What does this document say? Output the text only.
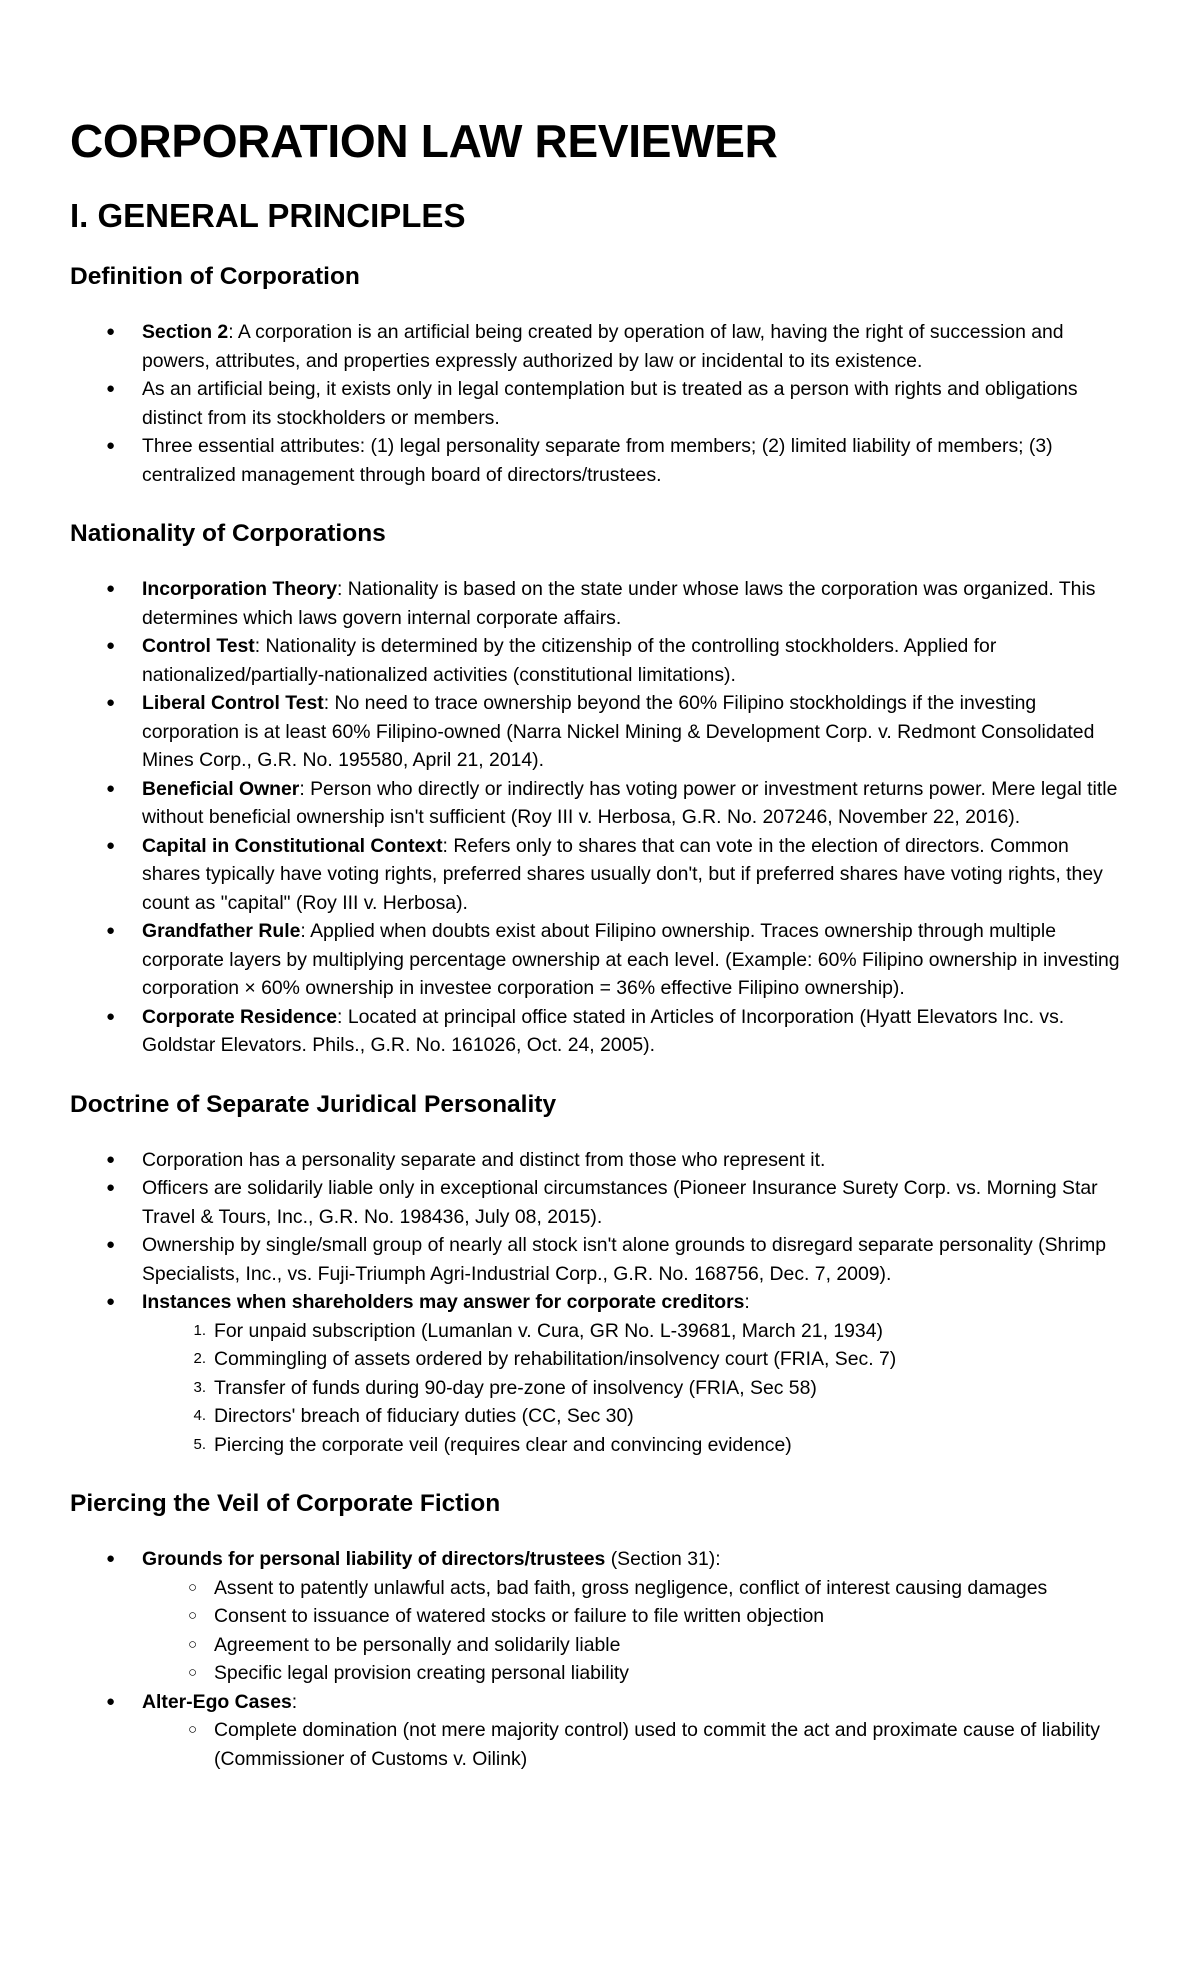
CORPORATION LAW REVIEWER
I. GENERAL PRINCIPLES
Definition of Corporation
● Section 2: A corporation is an artificial being created by operation of law, having the right of succession and powers, attributes, and properties expressly authorized by law or incidental to its existence.
● As an artificial being, it exists only in legal contemplation but is treated as a person with rights and obligations distinct from its stockholders or members.
● Three essential attributes: (1) legal personality separate from members; (2) limited liability of members; (3) centralized management through board of directors/trustees.
Nationality of Corporations
● Incorporation Theory: Nationality is based on the state under whose laws the corporation was organized. This determines which laws govern internal corporate affairs.
● Control Test: Nationality is determined by the citizenship of the controlling stockholders. Applied for nationalized/partially-nationalized activities (constitutional limitations).
● Liberal Control Test: No need to trace ownership beyond the 60% Filipino stockholdings if the investing corporation is at least 60% Filipino-owned (Narra Nickel Mining & Development Corp. v. Redmont Consolidated Mines Corp., G.R. No. 195580, April 21, 2014).
● Beneficial Owner: Person who directly or indirectly has voting power or investment returns power. Mere legal title without beneficial ownership isn't sufficient (Roy III v. Herbosa, G.R. No. 207246, November 22, 2016).
● Capital in Constitutional Context: Refers only to shares that can vote in the election of directors. Common shares typically have voting rights, preferred shares usually don't, but if preferred shares have voting rights, they count as "capital" (Roy III v. Herbosa).
● Grandfather Rule: Applied when doubts exist about Filipino ownership. Traces ownership through multiple corporate layers by multiplying percentage ownership at each level. (Example: 60% Filipino ownership in investing corporation × 60% ownership in investee corporation = 36% effective Filipino ownership).
● Corporate Residence: Located at principal office stated in Articles of Incorporation (Hyatt Elevators Inc. vs. Goldstar Elevators. Phils., G.R. No. 161026, Oct. 24, 2005).
Doctrine of Separate Juridical Personality
● Corporation has a personality separate and distinct from those who represent it.
● Officers are solidarily liable only in exceptional circumstances (Pioneer Insurance Surety Corp. vs. Morning Star Travel & Tours, Inc., G.R. No. 198436, July 08, 2015).
● Ownership by single/small group of nearly all stock isn't alone grounds to disregard separate personality (Shrimp Specialists, Inc., vs. Fuji-Triumph Agri-Industrial Corp., G.R. No. 168756, Dec. 7, 2009).
● Instances when shareholders may answer for corporate creditors:
1. For unpaid subscription (Lumanlan v. Cura, GR No. L-39681, March 21, 1934)
2. Commingling of assets ordered by rehabilitation/insolvency court (FRIA, Sec. 7)
3. Transfer of funds during 90-day pre-zone of insolvency (FRIA, Sec 58)
4. Directors' breach of fiduciary duties (CC, Sec 30)
5. Piercing the corporate veil (requires clear and convincing evidence)
Piercing the Veil of Corporate Fiction
● Grounds for personal liability of directors/trustees (Section 31):
○ Assent to patently unlawful acts, bad faith, gross negligence, conflict of interest causing damages
○ Consent to issuance of watered stocks or failure to file written objection
○ Agreement to be personally and solidarily liable
○ Specific legal provision creating personal liability
● Alter-Ego Cases:
○ Complete domination (not mere majority control) used to commit the act and proximate cause of liability (Commissioner of Customs v. Oilink)
